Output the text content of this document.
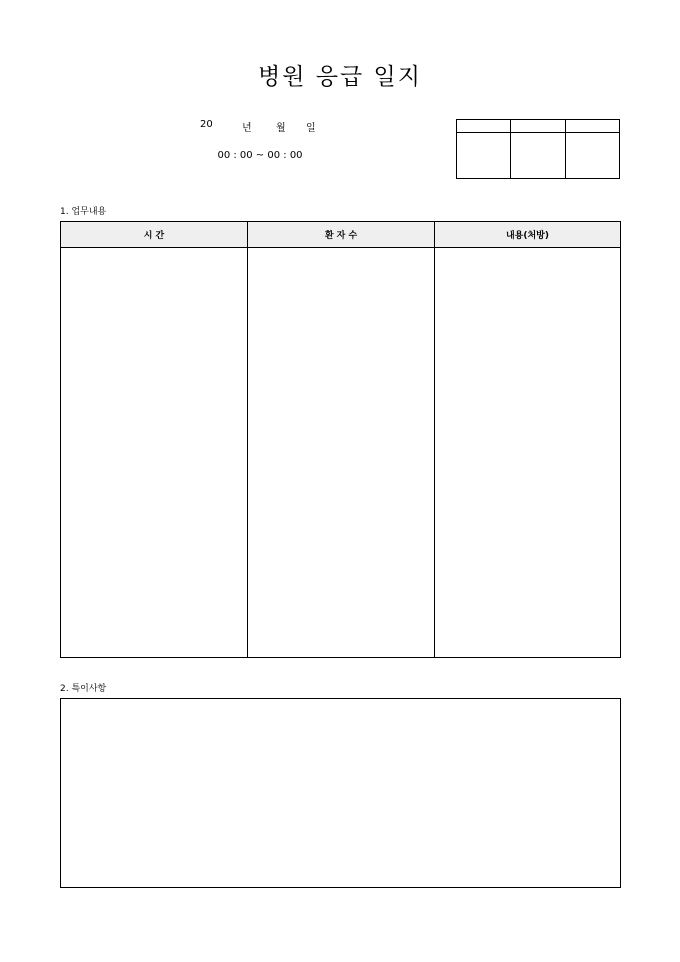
병원 응급 일지
20	년 월 일
00 : 00 ~ 00 : 00

1. 업무내용
시 간	환 자 수	내용(처방)

2. 특이사항
